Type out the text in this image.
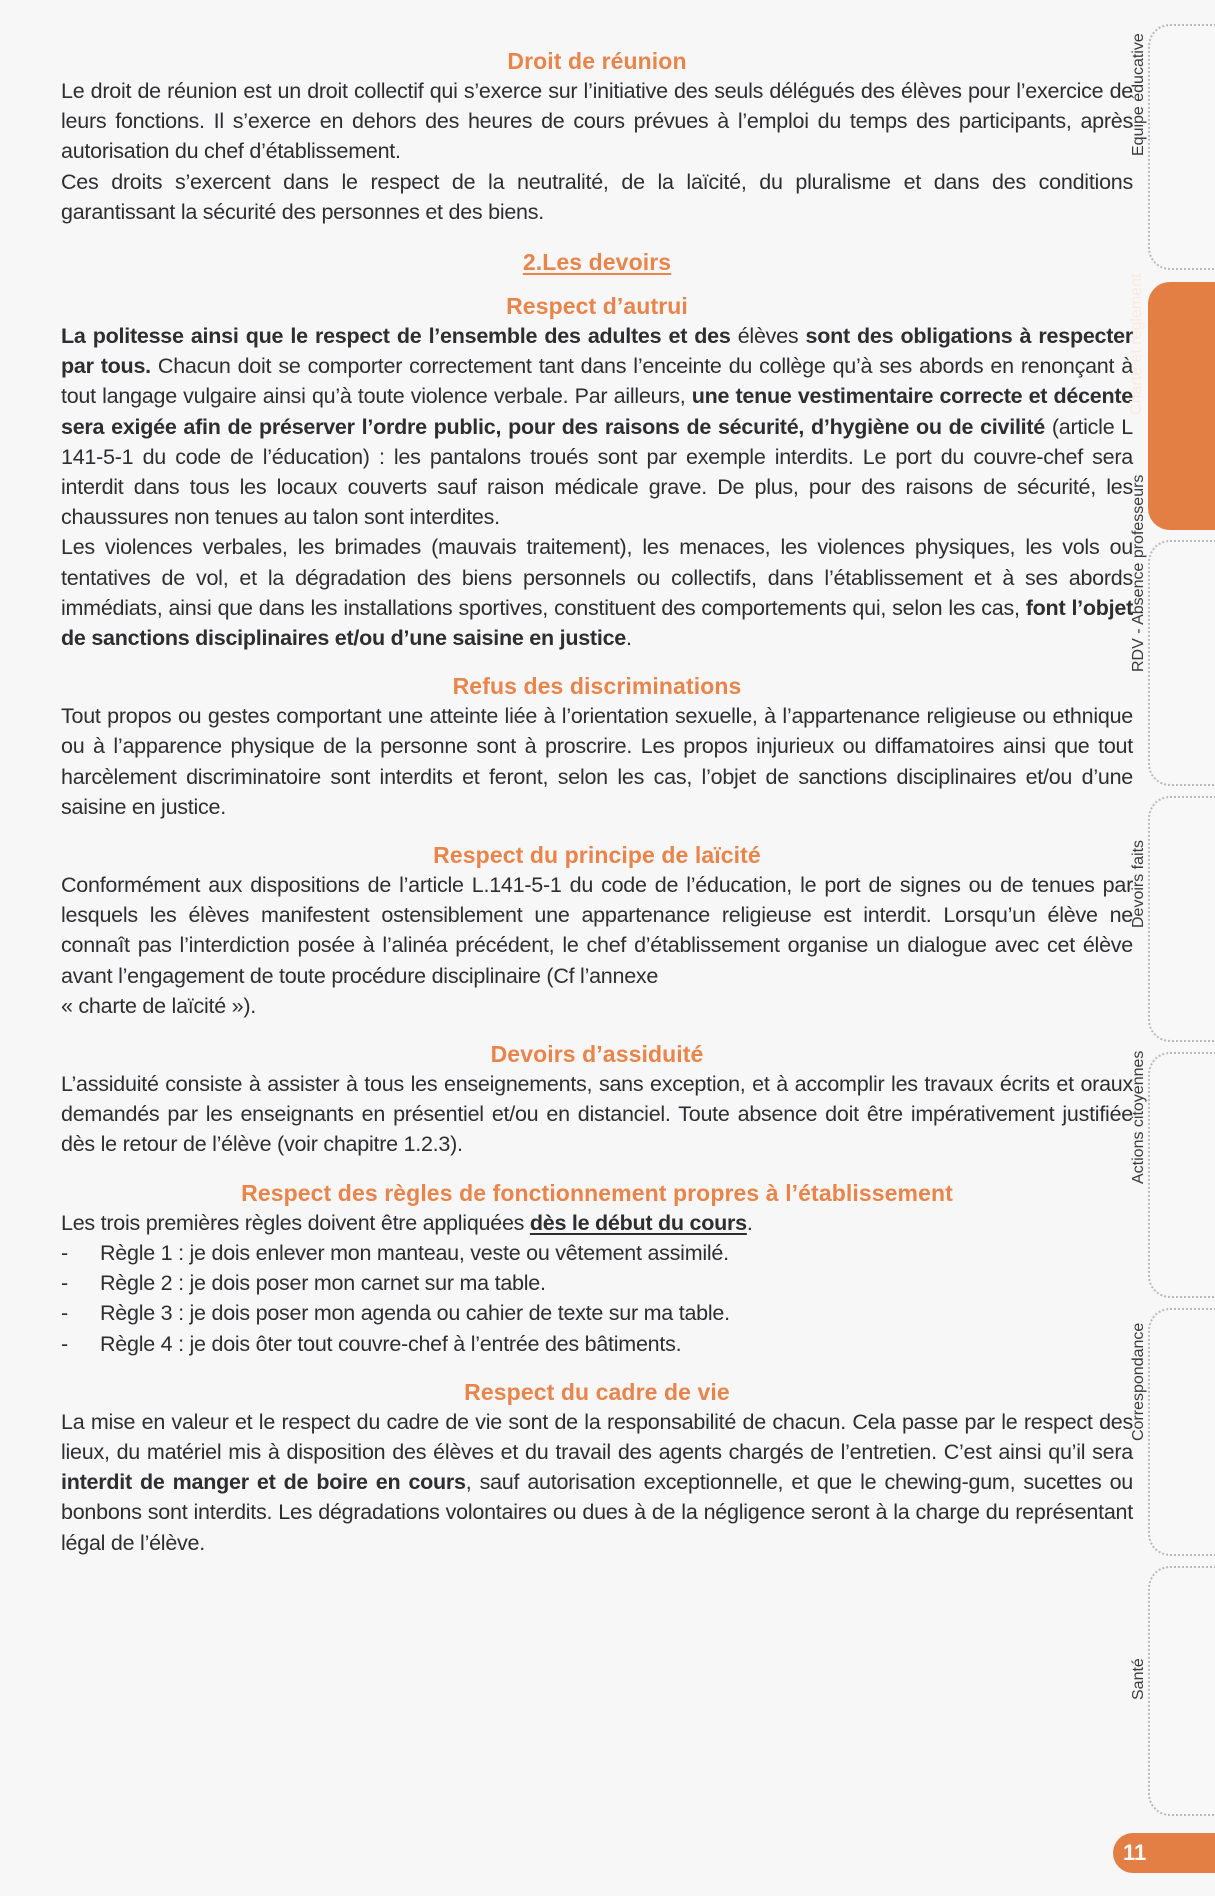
Droit de réunion

Le droit de réunion est un droit collectif qui s’exerce sur l’initiative des seuls délégués des élèves pour l’exercice de leurs fonctions. Il s’exerce en dehors des heures de cours prévues à l’emploi du temps des participants, après autorisation du chef d’établissement.

Ces droits s’exercent dans le respect de la neutralité, de la laïcité, du pluralisme et dans des conditions garantissant la sécurité des personnes et des biens.

2.Les devoirs
Respect d’autrui

La politesse ainsi que le respect de l’ensemble des adultes et des élèves sont des obligations à respecter par tous. Chacun doit se comporter correctement tant dans l’enceinte du collège qu’à ses abords en renonçant à tout langage vulgaire ainsi qu’à toute violence verbale. Par ailleurs, une tenue vestimentaire correcte et décente sera exigée afin de préserver l’ordre public, pour des raisons de sécurité, d’hygiène ou de civilité (article L 141-5-1 du code de l’éducation) : les pantalons troués sont par exemple interdits. Le port du couvre-chef sera interdit dans tous les locaux couverts sauf raison médicale grave. De plus, pour des raisons de sécurité, les chaussures non tenues au talon sont interdites.

Les violences verbales, les brimades (mauvais traitement), les menaces, les violences physiques, les vols ou tentatives de vol, et la dégradation des biens personnels ou collectifs, dans l’établissement et à ses abords immédiats, ainsi que dans les installations sportives, constituent des comportements qui, selon les cas, font l’objet de sanctions disciplinaires et/ou d’une saisine en justice.

Refus des discriminations

Tout propos ou gestes comportant une atteinte liée à l’orientation sexuelle, à l’appartenance religieuse ou ethnique ou à l’apparence physique de la personne sont à proscrire. Les propos injurieux ou diffamatoires ainsi que tout harcèlement discriminatoire sont interdits et feront, selon les cas, l’objet de sanctions disciplinaires et/ou d’une saisine en justice.

Respect du principe de laïcité

Conformément aux dispositions de l’article L.141-5-1 du code de l’éducation, le port de signes ou de tenues par lesquels les élèves manifestent ostensiblement une appartenance religieuse est interdit. Lorsqu’un élève ne connaît pas l’interdiction posée à l’alinéa précédent, le chef d’établissement organise un dialogue avec cet élève avant l’engagement de toute procédure disciplinaire (Cf l’annexe

« charte de laïcité »).

Devoirs d’assiduité

L’assiduité consiste à assister à tous les enseignements, sans exception, et à accomplir les travaux écrits et oraux demandés par les enseignants en présentiel et/ou en distanciel. Toute absence doit être impérativement justifiée dès le retour de l’élève (voir chapitre 1.2.3).

Respect des règles de fonctionnement propres à l’établissement

Les trois premières règles doivent être appliquées dès le début du cours.

-	Règle 1 : je dois enlever mon manteau, veste ou vêtement assimilé.
-	Règle 2 : je dois poser mon carnet sur ma table.
-	Règle 3 : je dois poser mon agenda ou cahier de texte sur ma table.
-	Règle 4 : je dois ôter tout couvre-chef à l’entrée des bâtiments.
Respect du cadre de vie

La mise en valeur et le respect du cadre de vie sont de la responsabilité de chacun. Cela passe par le respect des lieux, du matériel mis à disposition des élèves et du travail des agents chargés de l’entretien. C’est ainsi qu’il sera interdit de manger et de boire en cours, sauf autorisation exceptionnelle, et que le chewing-gum, sucettes ou bonbons sont interdits. Les dégradations volontaires ou dues à de la négligence seront à la charge du représentant légal de l’élève.

Equipe éducative
Charte et règlement
RDV - Absence professeurs
Devoirs faits
Actions citoyennes
Correspondance
Santé
11
